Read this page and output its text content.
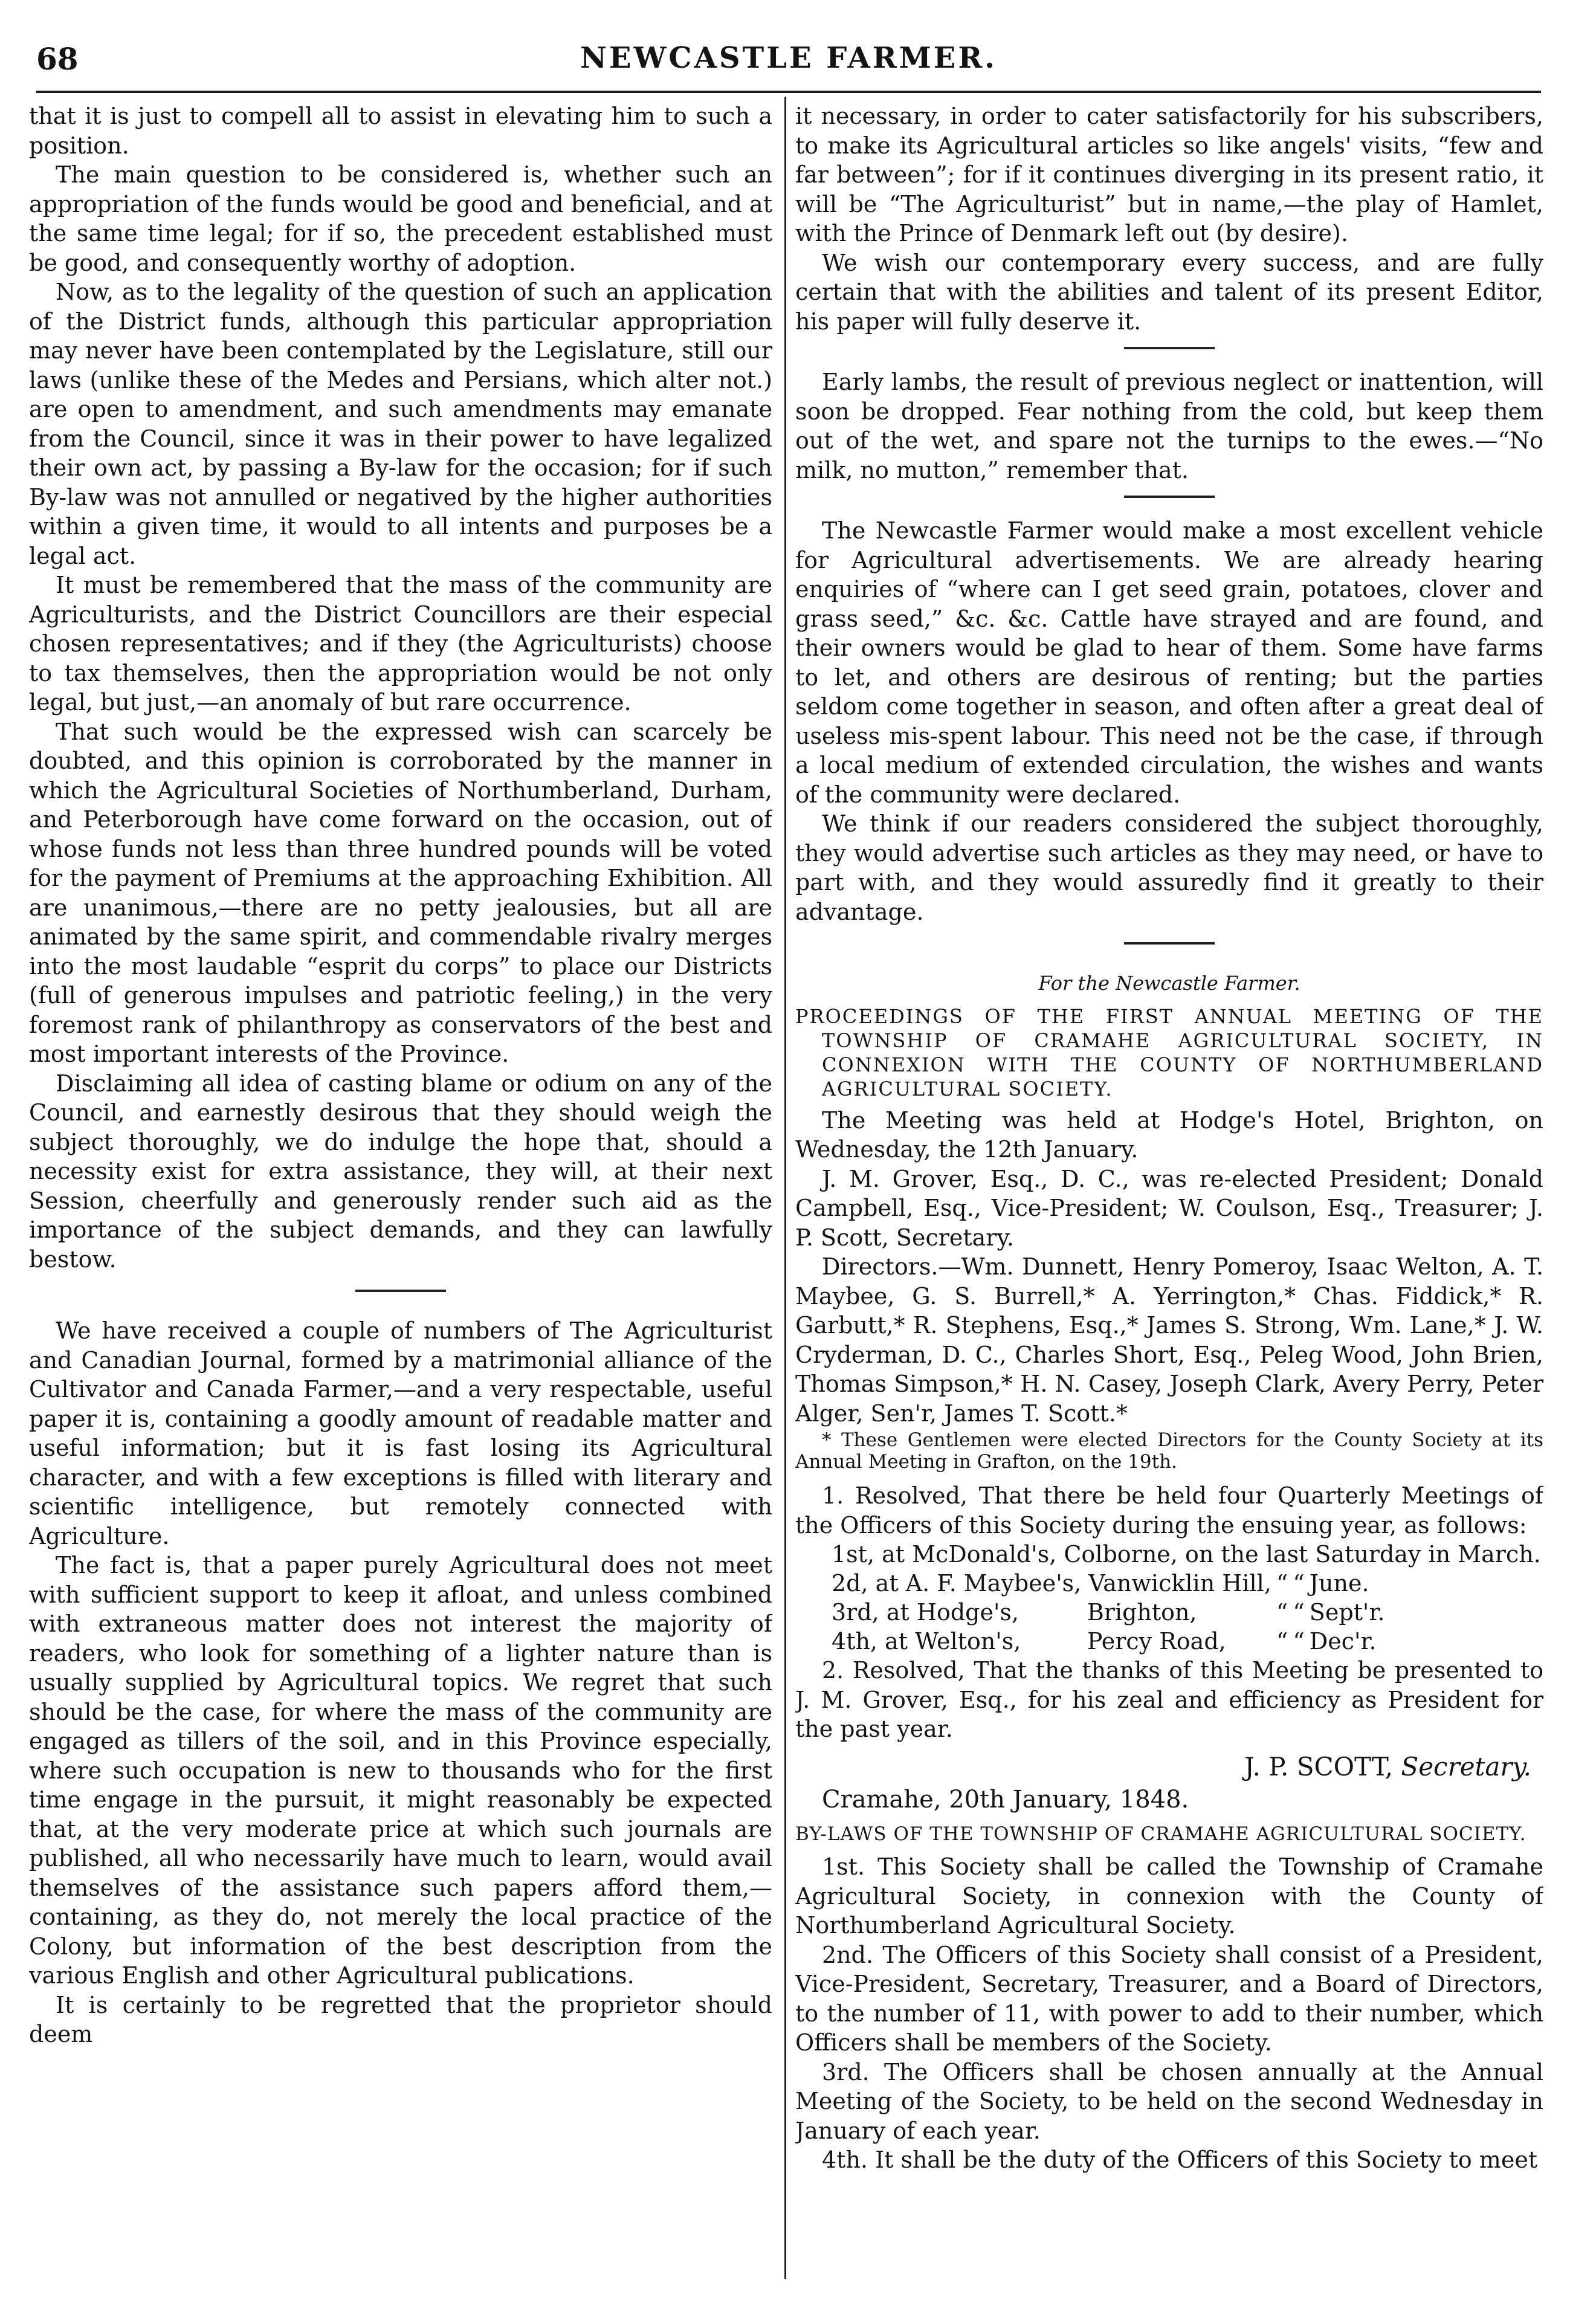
68	NEWCASTLE FARMER.

that it is just to compell all to assist in elevating him to such a position.

The main question to be considered is, whether such an appropriation of the funds would be good and beneficial, and at the same time legal; for if so, the precedent established must be good, and consequently worthy of adoption.

Now, as to the legality of the question of such an application of the District funds, although this particular appropriation may never have been contemplated by the Legislature, still our laws (unlike these of the Medes and Persians, which alter not.) are open to amendment, and such amendments may emanate from the Council, since it was in their power to have legalized their own act, by passing a By-law for the occasion; for if such By-law was not annulled or negatived by the higher authorities within a given time, it would to all intents and purposes be a legal act.

It must be remembered that the mass of the community are Agriculturists, and the District Councillors are their especial chosen representatives; and if they (the Agriculturists) choose to tax themselves, then the appropriation would be not only legal, but just,—an anomaly of but rare occurrence.

That such would be the expressed wish can scarcely be doubted, and this opinion is corroborated by the manner in which the Agricultural Societies of Northumberland, Durham, and Peterborough have come forward on the occasion, out of whose funds not less than three hundred pounds will be voted for the payment of Premiums at the approaching Exhibition. All are unanimous,—there are no petty jealousies, but all are animated by the same spirit, and commendable rivalry merges into the most laudable “esprit du corps” to place our Districts (full of generous impulses and patriotic feeling,) in the very foremost rank of philanthropy as conservators of the best and most important interests of the Province.

Disclaiming all idea of casting blame or odium on any of the Council, and earnestly desirous that they should weigh the subject thoroughly, we do indulge the hope that, should a necessity exist for extra assistance, they will, at their next Session, cheerfully and generously render such aid as the importance of the subject demands, and they can lawfully bestow.

We have received a couple of numbers of The Agriculturist and Canadian Journal, formed by a matrimonial alliance of the Cultivator and Canada Farmer,—and a very respectable, useful paper it is, containing a goodly amount of readable matter and useful information; but it is fast losing its Agricultural character, and with a few exceptions is filled with literary and scientific intelligence, but remotely connected with Agriculture.

The fact is, that a paper purely Agricultural does not meet with sufficient support to keep it afloat, and unless combined with extraneous matter does not interest the majority of readers, who look for something of a lighter nature than is usually supplied by Agricultural topics. We regret that such should be the case, for where the mass of the community are engaged as tillers of the soil, and in this Province especially, where such occupation is new to thousands who for the first time engage in the pursuit, it might reasonably be expected that, at the very moderate price at which such journals are published, all who necessarily have much to learn, would avail themselves of the assistance such papers afford them,—containing, as they do, not merely the local practice of the Colony, but information of the best description from the various English and other Agricultural publications.

It is certainly to be regretted that the proprietor should deem

it necessary, in order to cater satisfactorily for his subscribers, to make its Agricultural articles so like angels' visits, “few and far between”; for if it continues diverging in its present ratio, it will be “The Agriculturist” but in name,—the play of Hamlet, with the Prince of Denmark left out (by desire).

We wish our contemporary every success, and are fully certain that with the abilities and talent of its present Editor, his paper will fully deserve it.

Early lambs, the result of previous neglect or inattention, will soon be dropped. Fear nothing from the cold, but keep them out of the wet, and spare not the turnips to the ewes.—“No milk, no mutton,” remember that.

The Newcastle Farmer would make a most excellent vehicle for Agricultural advertisements. We are already hearing enquiries of “where can I get seed grain, potatoes, clover and grass seed,” &c. &c. Cattle have strayed and are found, and their owners would be glad to hear of them. Some have farms to let, and others are desirous of renting; but the parties seldom come together in season, and often after a great deal of useless mis-spent labour. This need not be the case, if through a local medium of extended circulation, the wishes and wants of the community were declared.

We think if our readers considered the subject thoroughly, they would advertise such articles as they may need, or have to part with, and they would assuredly find it greatly to their advantage.

For the Newcastle Farmer.

PROCEEDINGS OF THE FIRST ANNUAL MEETING OF THE TOWNSHIP OF CRAMAHE AGRICULTURAL SOCIETY, IN CONNEXION WITH THE COUNTY OF NORTHUMBERLAND AGRICULTURAL SOCIETY.

The Meeting was held at Hodge's Hotel, Brighton, on Wednesday, the 12th January.

J. M. Grover, Esq., D. C., was re-elected President; Donald Campbell, Esq., Vice-President; W. Coulson, Esq., Treasurer; J. P. Scott, Secretary.

Directors.—Wm. Dunnett, Henry Pomeroy, Isaac Welton, A. T. Maybee, G. S. Burrell,* A. Yerrington,* Chas. Fiddick,* R. Garbutt,* R. Stephens, Esq.,* James S. Strong, Wm. Lane,* J. W. Cryderman, D. C., Charles Short, Esq., Peleg Wood, John Brien, Thomas Simpson,* H. N. Casey, Joseph Clark, Avery Perry, Peter Alger, Sen'r, James T. Scott.*

* These Gentlemen were elected Directors for the County Society at its Annual Meeting in Grafton, on the 19th.

1. Resolved, That there be held four Quarterly Meetings of the Officers of this Society during the ensuing year, as follows:

1st, at McDonald's, Colborne, on the last Saturday in March.
2d, at A. F. Maybee's, Vanwicklin Hill,		“	“	June.
3rd, at Hodge's,	Brighton,	“	“	Sept'r.
4th, at Welton's,	Percy Road,	“	“	Dec'r.

2. Resolved, That the thanks of this Meeting be presented to J. M. Grover, Esq., for his zeal and efficiency as President for the past year.

J. P. SCOTT, Secretary.

Cramahe, 20th January, 1848.

BY-LAWS OF THE TOWNSHIP OF CRAMAHE AGRICULTURAL SOCIETY.

1st. This Society shall be called the Township of Cramahe Agricultural Society, in connexion with the County of Northumberland Agricultural Society.

2nd. The Officers of this Society shall consist of a President, Vice-President, Secretary, Treasurer, and a Board of Directors, to the number of 11, with power to add to their number, which Officers shall be members of the Society.

3rd. The Officers shall be chosen annually at the Annual Meeting of the Society, to be held on the second Wednesday in January of each year.

4th. It shall be the duty of the Officers of this Society to meet
